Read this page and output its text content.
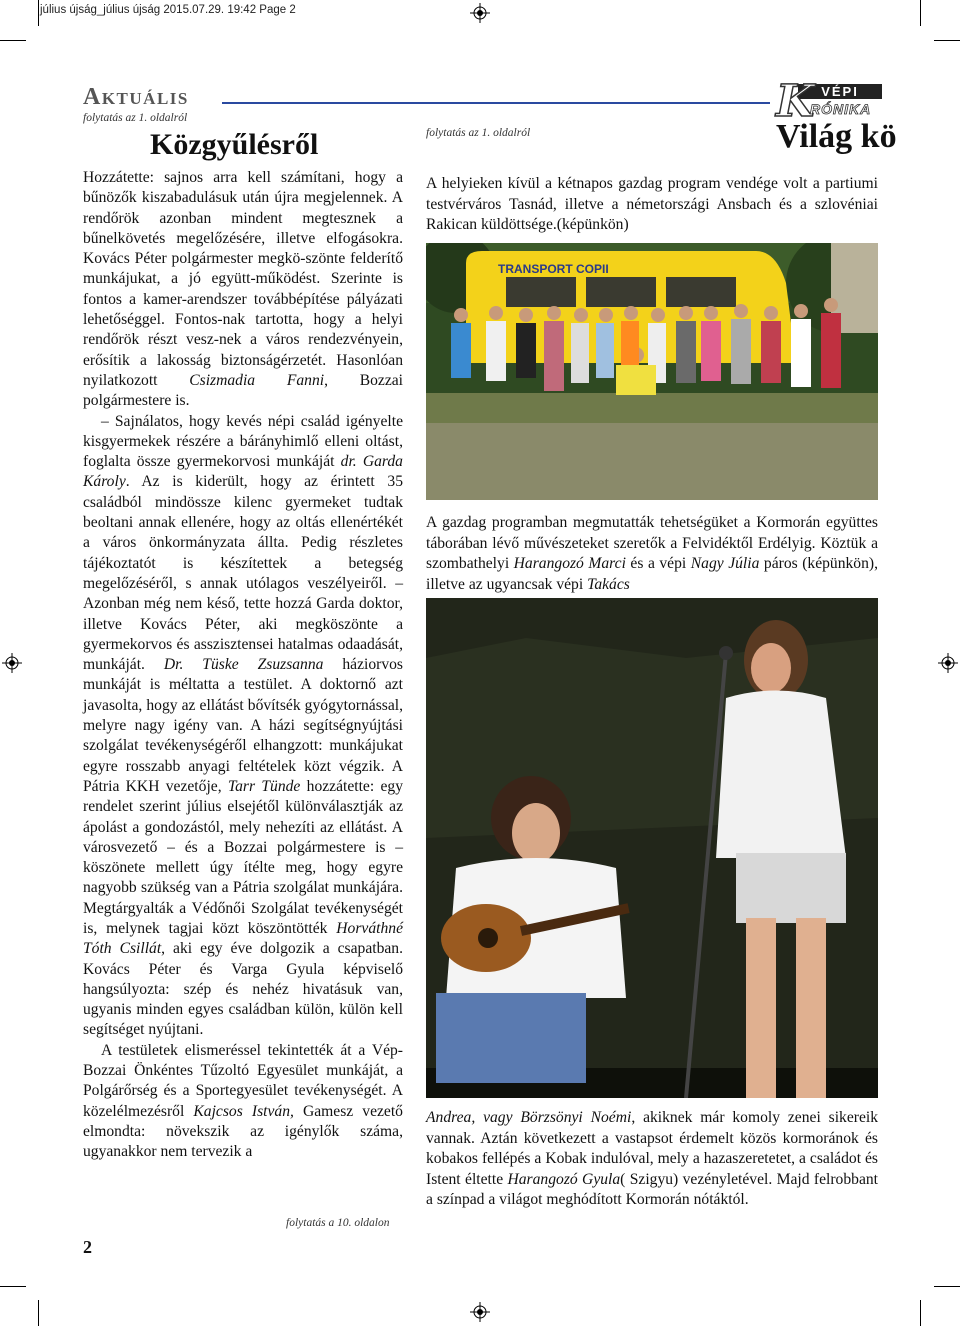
július újság_július újság 2015.07.29. 19:42 Page 2
Aktuális
folytatás az 1. oldalról
Közgyűlésről

Hozzátette: sajnos arra kell számítani, hogy a bűnözők kiszabadulásuk után újra megjelennek. A rendőrök azonban mindent megtesznek a bűnelkövetés megelőzésére, illetve elfogásokra. Kovács Péter polgármester megkö-szönte felderítő munkájukat, a jó együtt-működést. Szerinte is fontos a kamer-arendszer továbbépítése pályázati lehetőséggel. Fontos-nak tartotta, hogy a helyi rendőrök részt vesz-nek a város rendezvényein, erősítik a lakosság biztonságérzetét. Hasonlóan nyilatkozott Csizmadia Fanni, Bozzai polgármestere is.

– Sajnálatos, hogy kevés népi család igényelte kisgyermekek részére a bárányhimlő elleni oltást, foglalta össze gyermekorvosi munkáját dr. Garda Károly. Az is kiderült, hogy az érintett 35 családból mindössze kilenc gyermeket tudtak beoltani annak ellenére, hogy az oltás ellenértékét a város önkormányzata állta. Pedig részletes tájékoztatót is készítettek a betegség megelőzéséről, s annak utólagos veszélyeiről. – Azonban még nem késő, tette hozzá Garda doktor, illetve Kovács Péter, aki megköszönte a gyermekorvos és asszisztensei hatalmas odaadását, munkáját. Dr. Tüske Zsuzsanna háziorvos munkáját is méltatta a testület. A doktornő azt javasolta, hogy az ellátást bővítsék gyógytornással, melyre nagy igény van. A házi segítségnyújtási szolgálat tevékenységéről elhangzott: munkájukat egyre rosszabb anyagi feltételek közt végzik. A Pátria KKH vezetője, Tarr Tünde hozzátette: egy rendelet szerint július elsejétől különválasztják az ápolást a gondozástól, mely nehezíti az ellátást. A városvezető – és a Bozzai polgármestere is – köszönete mellett úgy ítélte meg, hogy egyre nagyobb szükség van a Pátria szolgálat munkájára. Megtárgyalták a Védőnői Szolgálat tevékenységét is, melynek tagjai közt köszöntötték Horváthné Tóth Csillát, aki egy éve dolgozik a csapatban. Kovács Péter és Varga Gyula képviselő hangsúlyozta: szép és nehéz hivatásuk van, ugyanis minden egyes családban külön, külön kell segítséget nyújtani.

A testületek elismeréssel tekintették át a Vép-Bozzai Önkéntes Tűzoltó Egyesület munkáját, a Polgárőrség és a Sportegyesület tevékenységét. A közelélmezésről Kajcsos István, Gamesz vezető elmondta: növekszik az igénylők száma, ugyanakkor nem tervezik a

folytatás a 10. oldalon
2
VÉPI
K
RÓNIKA
folytatás az 1. oldalról	Világ kö

A helyieken kívül a kétnapos gazdag program vendége volt a partiumi testvérváros Tasnád, illetve a németországi Ansbach és a szlovéniai Rakican küldöttsége.(képünkön)

TRANSPORT COPII

A gazdag programban megmutatták tehetségüket a Kormorán együttes táborában lévő művészeteket szeretők a Felvidéktől Erdélyig. Köztük a szombathelyi Harangozó Marci és a vépi Nagy Júlia páros (képünkön), illetve az ugyancsak vépi Takács

Andrea, vagy Börzsönyi Noémi, akiknek már komoly zenei sikereik vannak. Aztán következett a vastapsot érdemelt közös kormoránok és kobakos fellépés a Kobak indulóval, mely a hazaszeretetet, a családot és Istent éltette Harangozó Gyula( Szigyu) vezényletével. Majd felrobbant a színpad a világot meghódított Kormorán nótáktól.
